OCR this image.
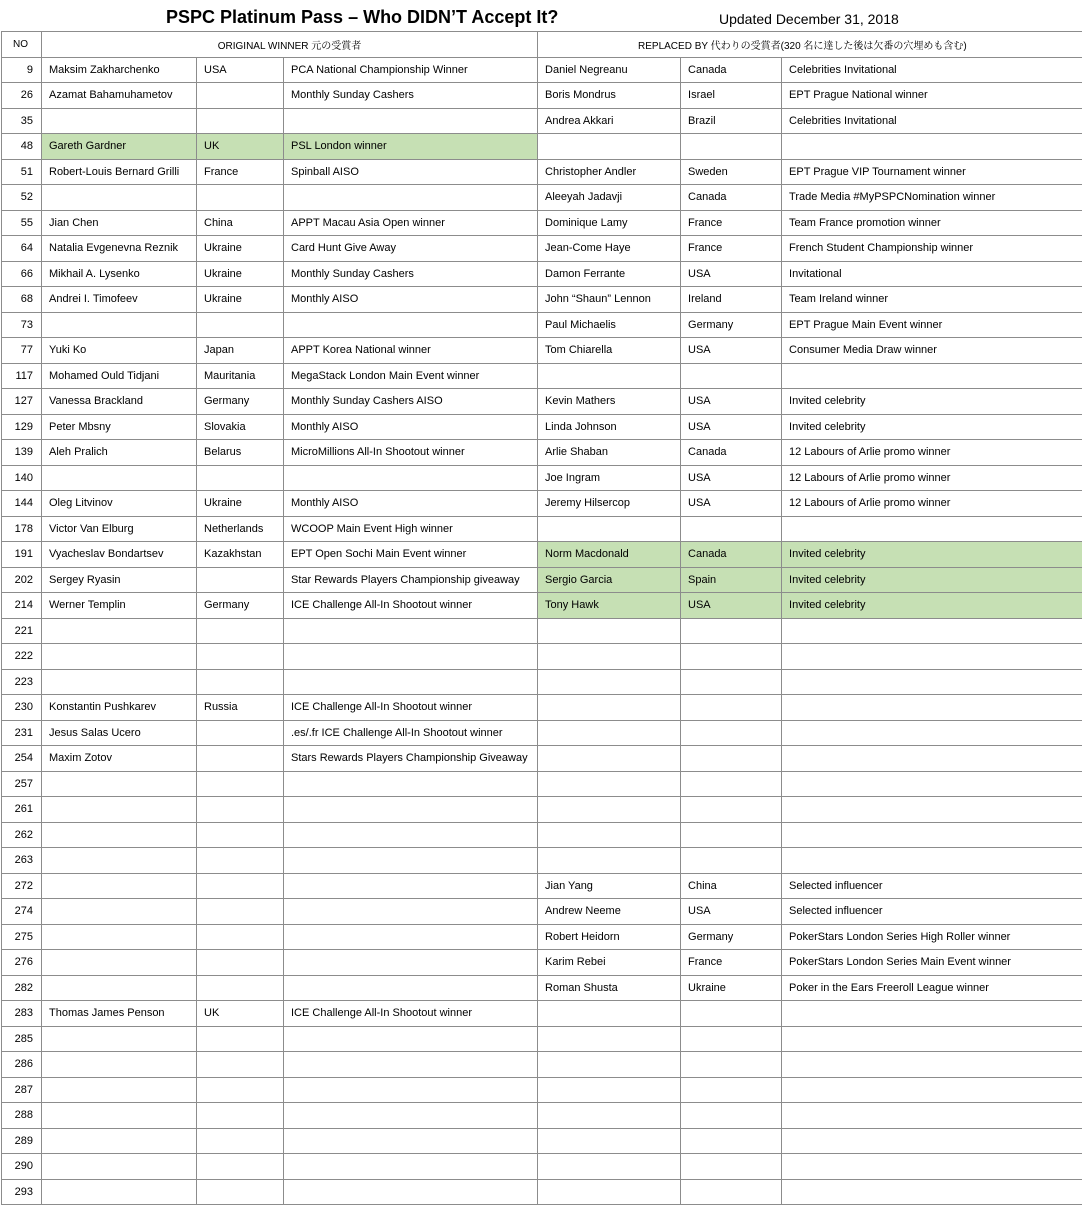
PSPC Platinum Pass – Who DIDN’T Accept It?	Updated December 31, 2018
NO	ORIGINAL WINNER 元の受賞者			REPLACED BY 代わりの受賞者(320 名に達した後は欠番の穴埋めも含む)		
9	Maksim Zakharchenko	USA	PCA National Championship Winner	Daniel Negreanu	Canada	Celebrities Invitational
26	Azamat Bahamuhametov		Monthly Sunday Cashers	Boris Mondrus	Israel	EPT Prague National winner
35				Andrea Akkari	Brazil	Celebrities Invitational
48	Gareth Gardner	UK	PSL London winner			
51	Robert-Louis Bernard Grilli	France	Spinball AISO	Christopher Andler	Sweden	EPT Prague VIP Tournament winner
52				Aleeyah Jadavji	Canada	Trade Media #MyPSPCNomination winner
55	Jian Chen	China	APPT Macau Asia Open winner	Dominique Lamy	France	Team France promotion winner
64	Natalia Evgenevna Reznik	Ukraine	Card Hunt Give Away	Jean-Come Haye	France	French Student Championship winner
66	Mikhail A. Lysenko	Ukraine	Monthly Sunday Cashers	Damon Ferrante	USA	Invitational
68	Andrei I. Timofeev	Ukraine	Monthly AISO	John “Shaun” Lennon	Ireland	Team Ireland winner
73				Paul Michaelis	Germany	EPT Prague Main Event winner
77	Yuki Ko	Japan	APPT Korea National winner	Tom Chiarella	USA	Consumer Media Draw winner
117	Mohamed Ould Tidjani	Mauritania	MegaStack London Main Event winner			
127	Vanessa Brackland	Germany	Monthly Sunday Cashers AISO	Kevin Mathers	USA	Invited celebrity
129	Peter Mbsny	Slovakia	Monthly AISO	Linda Johnson	USA	Invited celebrity
139	Aleh Pralich	Belarus	MicroMillions All-In Shootout winner	Arlie Shaban	Canada	12 Labours of Arlie promo winner
140				Joe Ingram	USA	12 Labours of Arlie promo winner
144	Oleg Litvinov	Ukraine	Monthly AISO	Jeremy Hilsercop	USA	12 Labours of Arlie promo winner
178	Victor Van Elburg	Netherlands	WCOOP Main Event High winner			
191	Vyacheslav Bondartsev	Kazakhstan	EPT Open Sochi Main Event winner	Norm Macdonald	Canada	Invited celebrity
202	Sergey Ryasin		Star Rewards Players Championship giveaway	Sergio Garcia	Spain	Invited celebrity
214	Werner Templin	Germany	ICE Challenge All-In Shootout winner	Tony Hawk	USA	Invited celebrity
221						
222						
223						
230	Konstantin Pushkarev	Russia	ICE Challenge All-In Shootout winner			
231	Jesus Salas Ucero		.es/.fr ICE Challenge All-In Shootout winner			
254	Maxim Zotov		Stars Rewards Players Championship Giveaway			
257						
261						
262						
263						
272				Jian Yang	China	Selected influencer
274				Andrew Neeme	USA	Selected influencer
275				Robert Heidorn	Germany	PokerStars London Series High Roller winner
276				Karim Rebei	France	PokerStars London Series Main Event winner
282				Roman Shusta	Ukraine	Poker in the Ears Freeroll League winner
283	Thomas James Penson	UK	ICE Challenge All-In Shootout winner			
285						
286						
287						
288						
289						
290						
293						
